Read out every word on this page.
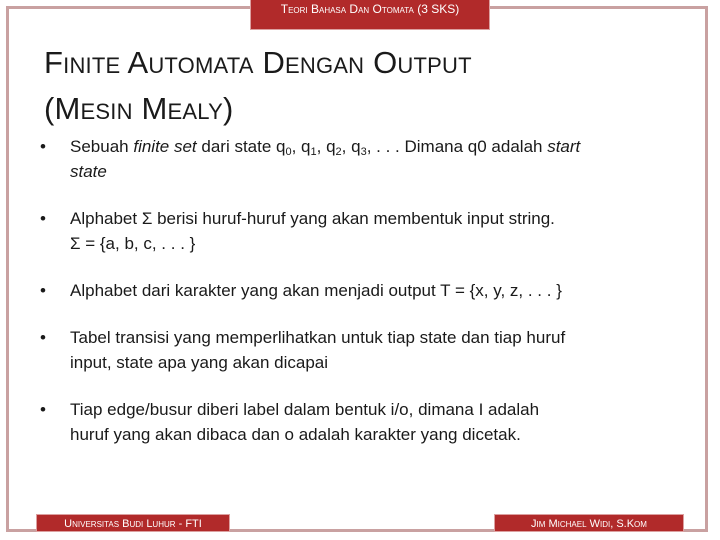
Teori Bahasa Dan Otomata (3 SKS)
Finite Automata Dengan Output
(Mesin Mealy)
• Sebuah finite set dari state $q_0$, $q_1$, $q_2$, $q_3$, . . . Dimana q0 adalah start
state
• Alphabet Σ berisi huruf-huruf yang akan membentuk input string.
Σ = {a, b, c, . . . }
• Alphabet dari karakter yang akan menjadi output T = {x, y, z, . . . }
• Tabel transisi yang memperlihatkan untuk tiap state dan tiap huruf
input, state apa yang akan dicapai
• Tiap edge/busur diberi label dalam bentuk i/o, dimana I adalah
huruf yang akan dibaca dan o adalah karakter yang dicetak.
Universitas Budi Luhur - FTI	Jim Michael Widi, S.Kom
